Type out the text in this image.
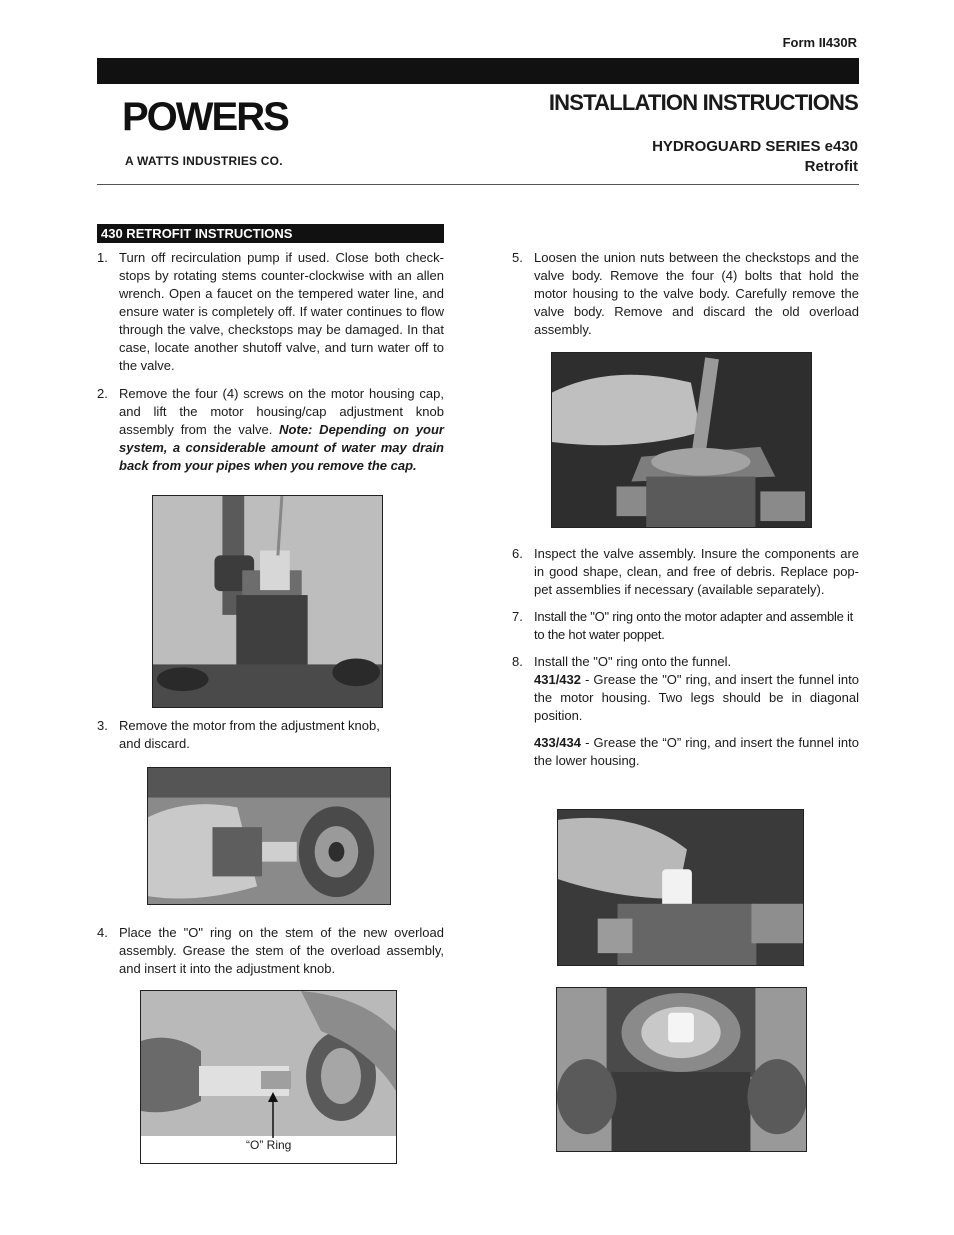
Form II430R
POWERS
A WATTS INDUSTRIES CO.
INSTALLATION INSTRUCTIONS
HYDROGUARD SERIES e430
Retrofit
430 RETROFIT INSTRUCTIONS
1. Turn off recirculation pump if used. Close both check-stops by rotating stems counter-clockwise with an allen wrench. Open a faucet on the tempered water line, and ensure water is completely off. If water continues to flow through the valve, checkstops may be damaged. In that case, locate another shutoff valve, and turn water off to the valve.
2. Remove the four (4) screws on the motor housing cap, and lift the motor housing/cap adjustment knob assembly from the valve. Note: Depending on your system, a considerable amount of water may drain back from your pipes when you remove the cap.
3. Remove the motor from the adjustment knob, and discard.
4. Place the "O" ring on the stem of the new overload assembly. Grease the stem of the overload assembly, and insert it into the adjustment knob.
“O” Ring
5. Loosen the union nuts between the checkstops and the valve body. Remove the four (4) bolts that hold the motor housing to the valve body. Carefully remove the valve body. Remove and discard the old overload assembly.
6. Inspect the valve assembly. Insure the components are in good shape, clean, and free of debris. Replace pop-pet assemblies if necessary (available separately).
7. Install the "O" ring onto the motor adapter and assemble it to the hot water poppet.
8. Install the "O" ring onto the funnel.
431/432 - Grease the "O" ring, and insert the funnel into the motor housing. Two legs should be in diagonal position.
433/434 - Grease the “O” ring, and insert the funnel into the lower housing.
